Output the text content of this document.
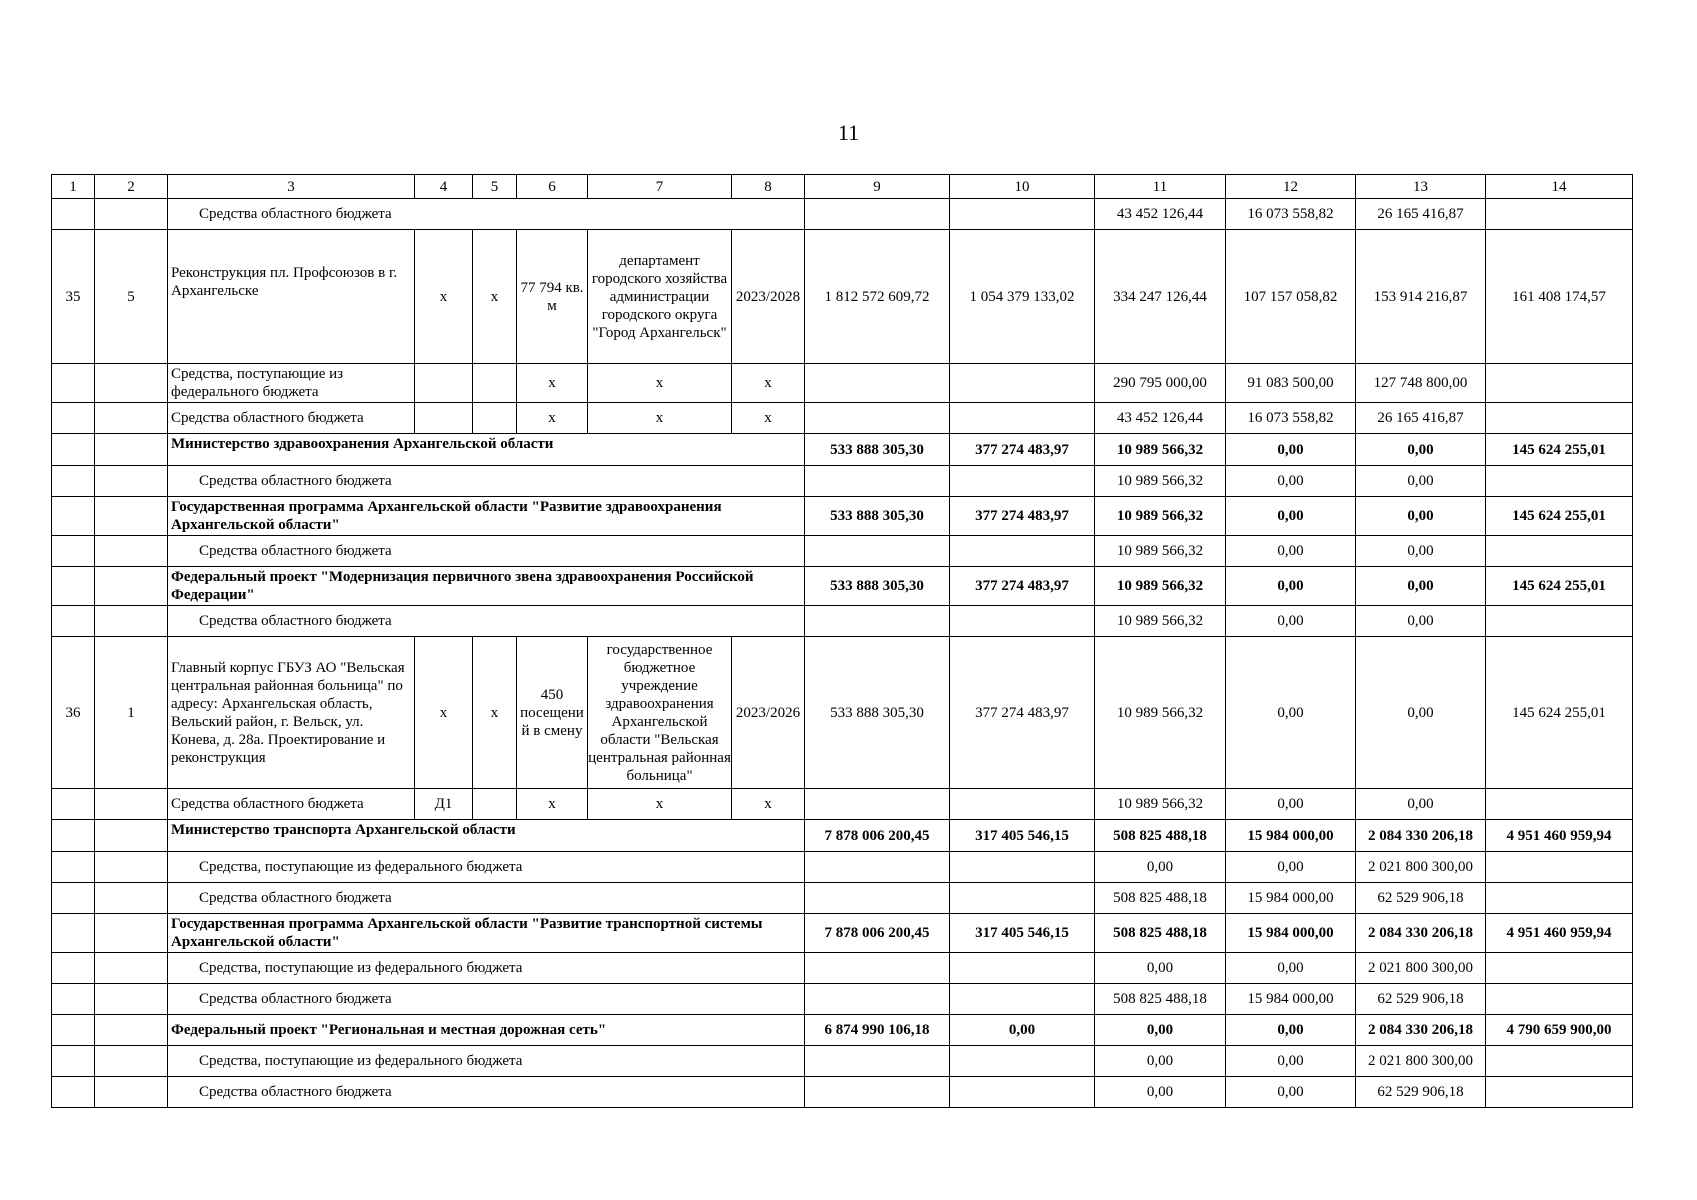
11
1	2	3	4	5	6	7	8	9	10	11	12	13	14
		Средства областного бюджета								43 452 126,44	16 073 558,82	26 165 416,87	
35	5	Реконструкция пл. Профсоюзов в г. Архангельске	х	х	77 794 кв. м	департамент городского хозяйства администрации городского округа "Город Архангельск"	2023/2028	1 812 572 609,72	1 054 379 133,02	334 247 126,44	107 157 058,82	153 914 216,87	161 408 174,57
		Средства, поступающие из федерального бюджета			х	х	х			290 795 000,00	91 083 500,00	127 748 800,00	
		Средства областного бюджета			х	х	х			43 452 126,44	16 073 558,82	26 165 416,87	
		Министерство здравоохранения Архангельской области						533 888 305,30	377 274 483,97	10 989 566,32	0,00	0,00	145 624 255,01
		Средства областного бюджета								10 989 566,32	0,00	0,00	
		Государственная программа Архангельской области "Развитие здравоохранения Архангельской области"						533 888 305,30	377 274 483,97	10 989 566,32	0,00	0,00	145 624 255,01
		Средства областного бюджета								10 989 566,32	0,00	0,00	
		Федеральный проект "Модернизация первичного звена здравоохранения Российской Федерации"						533 888 305,30	377 274 483,97	10 989 566,32	0,00	0,00	145 624 255,01
		Средства областного бюджета								10 989 566,32	0,00	0,00	
36	1	Главный корпус ГБУЗ АО "Вельская центральная районная больница" по адресу: Архангельская область, Вельский район, г. Вельск, ул. Конева, д. 28а. Проектирование и реконструкция	х	х	450 посещений в смену	государственное бюджетное учреждение здравоохранения Архангельской области "Вельская центральная районная больница"	2023/2026	533 888 305,30	377 274 483,97	10 989 566,32	0,00	0,00	145 624 255,01
		Средства областного бюджета	Д1		х	х	х			10 989 566,32	0,00	0,00	
		Министерство транспорта Архангельской области						7 878 006 200,45	317 405 546,15	508 825 488,18	15 984 000,00	2 084 330 206,18	4 951 460 959,94
		Средства, поступающие из федерального бюджета								0,00	0,00	2 021 800 300,00	
		Средства областного бюджета								508 825 488,18	15 984 000,00	62 529 906,18	
		Государственная программа Архангельской области "Развитие транспортной системы Архангельской области"						7 878 006 200,45	317 405 546,15	508 825 488,18	15 984 000,00	2 084 330 206,18	4 951 460 959,94
		Средства, поступающие из федерального бюджета								0,00	0,00	2 021 800 300,00	
		Средства областного бюджета								508 825 488,18	15 984 000,00	62 529 906,18	
		Федеральный проект "Региональная и местная дорожная сеть"						6 874 990 106,18	0,00	0,00	0,00	2 084 330 206,18	4 790 659 900,00
		Средства, поступающие из федерального бюджета								0,00	0,00	2 021 800 300,00	
		Средства областного бюджета								0,00	0,00	62 529 906,18	
